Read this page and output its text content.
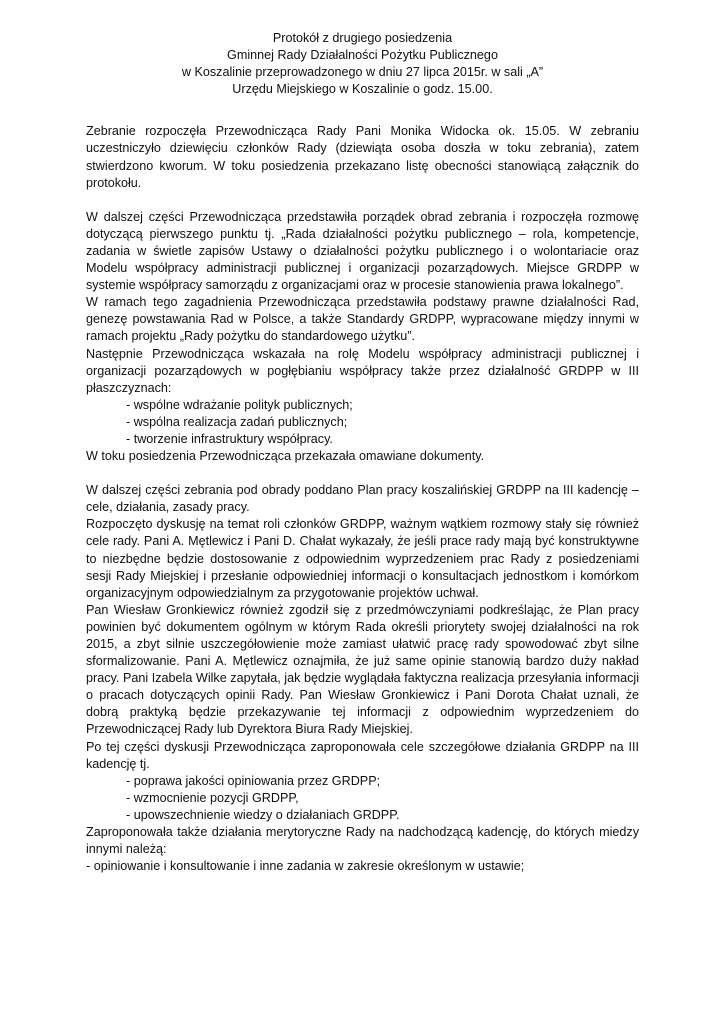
Protokół z drugiego posiedzenia
Gminnej Rady Działalności Pożytku Publicznego
w Koszalinie przeprowadzonego w dniu 27 lipca 2015r. w sali „A”
Urzędu Miejskiego w Koszalinie o godz. 15.00.

Zebranie rozpoczęła Przewodnicząca Rady Pani Monika Widocka ok. 15.05. W zebraniu uczestniczyło dziewięciu członków Rady (dziewiąta osoba doszła w toku zebrania), zatem stwierdzono kworum. W toku posiedzenia przekazano listę obecności stanowiącą załącznik do protokołu.

W dalszej części Przewodnicząca przedstawiła porządek obrad zebrania i rozpoczęła rozmowę dotyczącą pierwszego punktu tj. „Rada działalności pożytku publicznego – rola, kompetencje, zadania w świetle zapisów Ustawy o działalności pożytku publicznego i o wolontariacie oraz Modelu współpracy administracji publicznej i organizacji pozarządowych. Miejsce GRDPP w systemie współpracy samorządu z organizacjami oraz w procesie stanowienia prawa lokalnego”.

W ramach tego zagadnienia Przewodnicząca przedstawiła podstawy prawne działalności Rad, genezę powstawania Rad w Polsce, a także Standardy GRDPP, wypracowane między innymi w ramach projektu „Rady pożytku do standardowego użytku”.

Następnie Przewodnicząca wskazała na rolę Modelu współpracy administracji publicznej i organizacji pozarządowych w pogłębianiu współpracy także przez działalność GRDPP w III płaszczyznach:

- wspólne wdrażanie polityk publicznych;
- wspólna realizacja zadań publicznych;
- tworzenie infrastruktury współpracy.

W toku posiedzenia Przewodnicząca przekazała omawiane dokumenty.

W dalszej części zebrania pod obrady poddano Plan pracy koszalińskiej GRDPP na III kadencję – cele, działania, zasady pracy.

Rozpoczęto dyskusję na temat roli członków GRDPP, ważnym wątkiem rozmowy stały się również cele rady. Pani A. Mętlewicz i Pani D. Chałat wykazały, że jeśli prace rady mają być konstruktywne to niezbędne będzie dostosowanie z odpowiednim wyprzedzeniem prac Rady z posiedzeniami sesji Rady Miejskiej i przesłanie odpowiedniej informacji o konsultacjach jednostkom i komórkom organizacyjnym odpowiedzialnym za przygotowanie projektów uchwał.

Pan Wiesław Gronkiewicz również zgodził się z przedmówczyniami podkreślając, że Plan pracy powinien być dokumentem ogólnym w którym Rada określi priorytety swojej działalności na rok 2015, a zbyt silnie uszczegółowienie może zamiast ułatwić pracę rady spowodować zbyt silne sformalizowanie. Pani A. Mętlewicz oznajmiła, że już same opinie stanowią bardzo duży nakład pracy. Pani Izabela Wilke zapytała, jak będzie wyglądała faktyczna realizacja przesyłania informacji o pracach dotyczących opinii Rady. Pan Wiesław Gronkiewicz i Pani Dorota Chałat uznali, że dobrą praktyką będzie przekazywanie tej informacji z odpowiednim wyprzedzeniem do Przewodniczącej Rady lub Dyrektora Biura Rady Miejskiej.

Po tej części dyskusji Przewodnicząca zaproponowała cele szczegółowe działania GRDPP na III kadencję tj.

- poprawa jakości opiniowania przez GRDPP;
- wzmocnienie pozycji GRDPP,
- upowszechnienie wiedzy o działaniach GRDPP.

Zaproponowała także działania merytoryczne Rady na nadchodzącą kadencję, do których miedzy innymi należą:

- opiniowanie i konsultowanie i inne zadania w zakresie określonym w ustawie;
